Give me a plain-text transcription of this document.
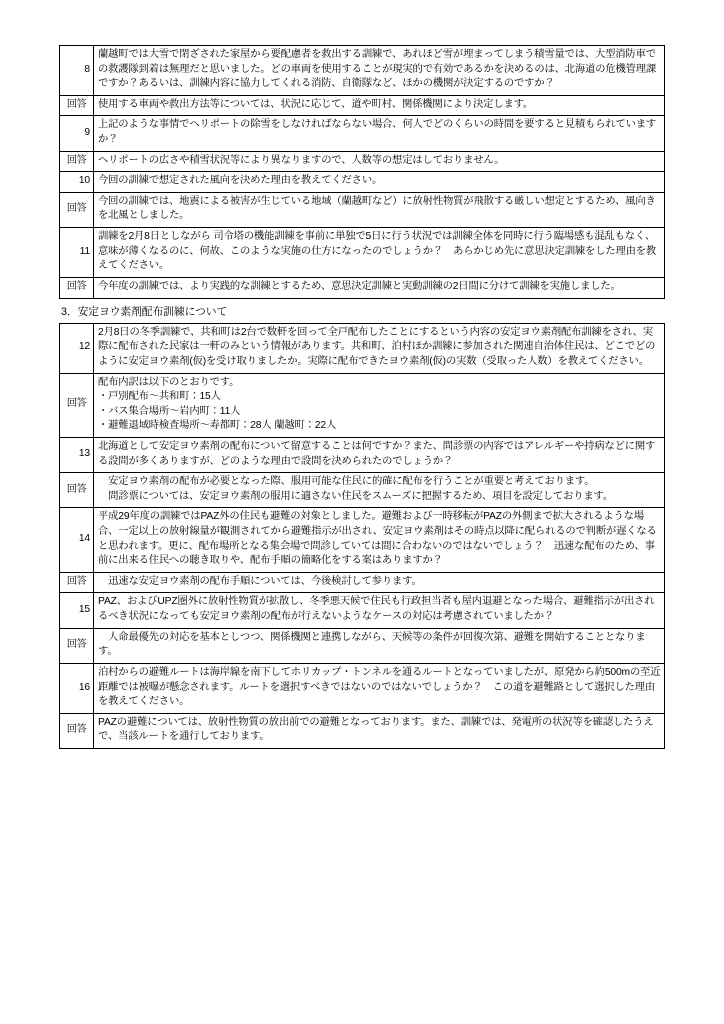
8	蘭越町では大雪で閉ざされた家屋から要配慮者を救出する訓練で、あれほど雪が埋まってしまう積雪量では、大型消防車での救護隊到着は無理だと思いました。どの車両を使用することが現実的で有効であるかを決めるのは、北海道の危機管理課ですか？あるいは、訓練内容に協力してくれる消防、自衛隊など、ほかの機関が決定するのですか？
回答	使用する車両や救出方法等については、状況に応じて、道や町村、関係機関により決定します。
9	上記のような事情でヘリポートの除雪をしなければならない場合、何人でどのくらいの時間を要すると見積もられていますか？
回答	ヘリポートの広さや積雪状況等により異なりますので、人数等の想定はしておりません。
10	今回の訓練で想定された風向を決めた理由を教えてください。
回答	今回の訓練では、地震による被害が生じている地域（蘭越町など）に放射性物質が飛散する厳しい想定とするため、風向きを北風としました。
11	訓練を2月8日としながら 司令塔の機能訓練を事前に単独で5日に行う状況では訓練全体を同時に行う臨場感も混乱もなく、意味が薄くなるのに、何故、このような実施の仕方になったのでしょうか？　あらかじめ先に意思決定訓練をした理由を教えてください。
回答	今年度の訓練では、より実践的な訓練とするため、意思決定訓練と実動訓練の2日間に分けて訓練を実施しました。
3．安定ヨウ素剤配布訓練について
12	2月8日の冬季訓練で、共和町は2台で数軒を回って全戸配布したことにするという内容の安定ヨウ素剤配布訓練をされ、実際に配布された民家は一軒のみという情報があります。共和町、泊村ほか訓練に参加された関連自治体住民は、どこでどのように安定ヨウ素剤(仮)を受け取りましたか。実際に配布できたヨウ素剤(仮)の実数（受取った人数）を教えてください。
回答	配布内訳は以下のとおりです。
・戸別配布～共和町：15人
・バス集合場所～岩内町：11人
・避難退域時検査場所～寿都町：28人 蘭越町：22人

13	北海道として安定ヨウ素剤の配布について留意することは何ですか？また、問診票の内容ではアレルギーや持病などに関する設問が多くありますが、どのような理由で設問を決められたのでしょうか？
回答	　安定ヨウ素剤の配布が必要となった際、服用可能な住民に的確に配布を行うことが重要と考えております。
　問診票については、安定ヨウ素剤の服用に適さない住民をスムーズに把握するため、項目を設定しております。

14	平成29年度の訓練ではPAZ外の住民も避難の対象としました。避難および一時移転がPAZの外側まで拡大されるような場合、一定以上の放射線量が観測されてから避難指示が出され、安定ヨウ素剤はその時点以降に配られるので判断が遅くなると思われます。更に、配布場所となる集会場で問診していては間に合わないのではないでしょう？　迅速な配布のため、事前に出来る住民への聴き取りや、配布手順の簡略化をする案はありますか？
回答	　迅速な安定ヨウ素剤の配布手順については、今後検討して参ります。
15	PAZ、およびUPZ圏外に放射性物質が拡散し、冬季悪天候で住民も行政担当者も屋内退避となった場合、避難指示が出されるべき状況になっても安定ヨウ素剤の配布が行えないようなケースの対応は考慮されていましたか？
回答	　人命最優先の対応を基本としつつ、関係機関と連携しながら、天候等の条件が回復次第、避難を開始することとなります。
16	泊村からの避難ルートは海岸線を南下してホリカップ・トンネルを通るルートとなっていましたが、原発から約500mの至近距離では被曝が懸念されます。ルートを選択すべきではないのではないでしょうか？　この道を避難路として選択した理由を教えてください。
回答	PAZの避難については、放射性物質の放出前での避難となっております。また、訓練では、発電所の状況等を確認したうえで、当該ルートを通行しております。
